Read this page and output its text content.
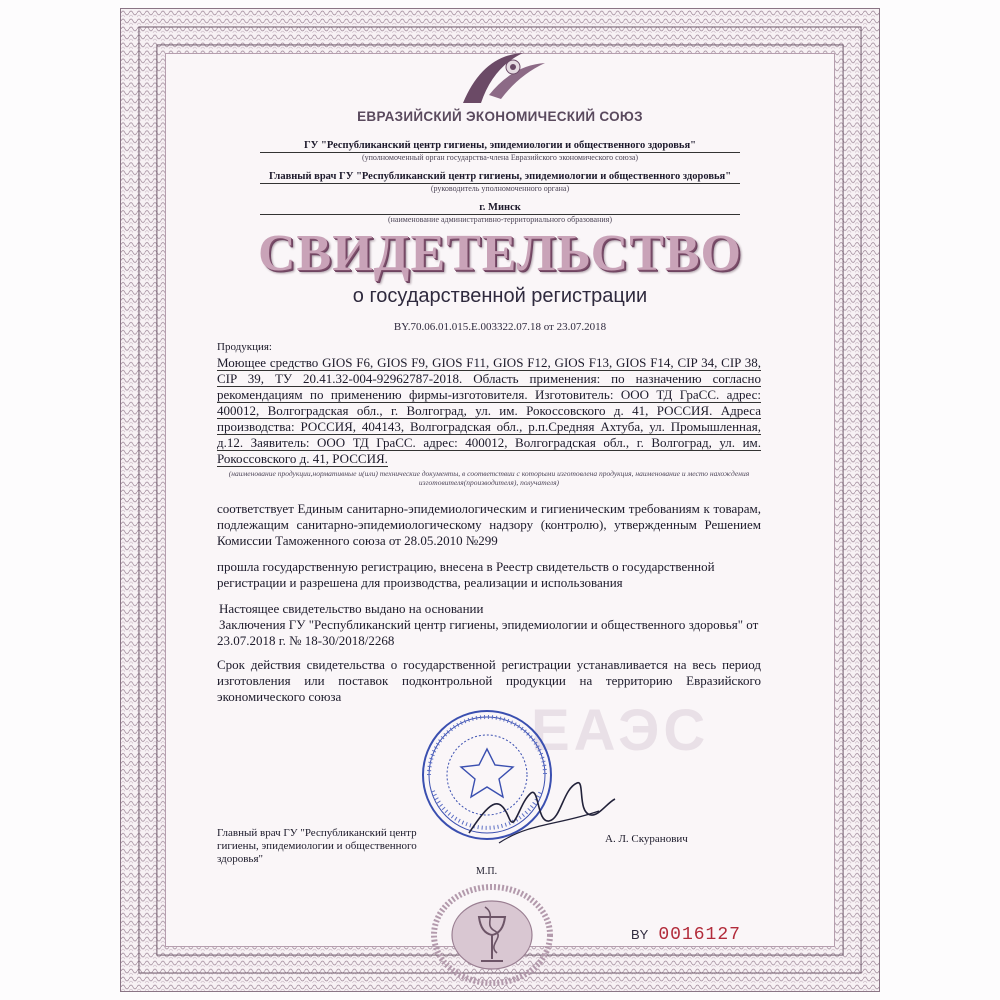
ЕВРАЗИЙСКИЙ ЭКОНОМИЧЕСКИЙ СОЮЗ
ГУ "Республиканский центр гигиены, эпидемиологии и общественного здоровья"
(уполномоченный орган государства-члена Евразийского экономического союза)
Главный врач ГУ "Республиканский центр гигиены, эпидемиологии и общественного здоровья"
(руководитель уполномоченного органа)
г. Минск
(наименование административно-территориального образования)
СВИДЕТЕЛЬСТВО
о государственной регистрации
BY.70.06.01.015.E.003322.07.18 от 23.07.2018
Продукция:
Моющее средство GIOS F6, GIOS F9, GIOS F11, GIOS F12, GIOS F13, GIOS F14, CIP 34, CIP 38, CIP 39, ТУ 20.41.32-004-92962787-2018. Область применения: по назначению согласно рекомендациям по применению фирмы-изготовителя. Изготовитель: ООО ТД ГраСС. адрес: 400012, Волгоградская обл., г. Волгоград, ул. им. Рокоссовского д. 41, РОССИЯ. Адреса производства: РОССИЯ, 404143, Волгоградская обл., р.п.Средняя Ахтуба, ул. Промышленная, д.12. Заявитель: ООО ТД ГраСС. адрес: 400012, Волгоградская обл., г. Волгоград, ул. им. Рокоссовского д. 41, РОССИЯ.
(наименование продукции,нормативные и(или) технические документы, в соответствии с которыми изготовлена продукция, наименование и место нахождения изготовителя(производителя), получателя)
соответствует Единым санитарно-эпидемиологическим и гигиеническим требованиям к товарам, подлежащим санитарно-эпидемиологическому надзору (контролю), утвержденным Решением Комиссии Таможенного союза от 28.05.2010 №299
прошла государственную регистрацию, внесена в Реестр свидетельств о государственной регистрации и разрешена для производства, реализации и использования
Настоящее свидетельство выдано на основании
Заключения ГУ "Республиканский центр гигиены, эпидемиологии и общественного здоровья" от 23.07.2018 г. № 18-30/2018/2268
Срок действия свидетельства о государственной регистрации устанавливается на весь период изготовления или поставок подконтрольной продукции на территорию Евразийского экономического союза
ЕАЭС
Главный врач ГУ "Республиканский центр гигиены, эпидемиологии и общественного здоровья"
А. Л. Скуранович
М.П.
BY 0016127
